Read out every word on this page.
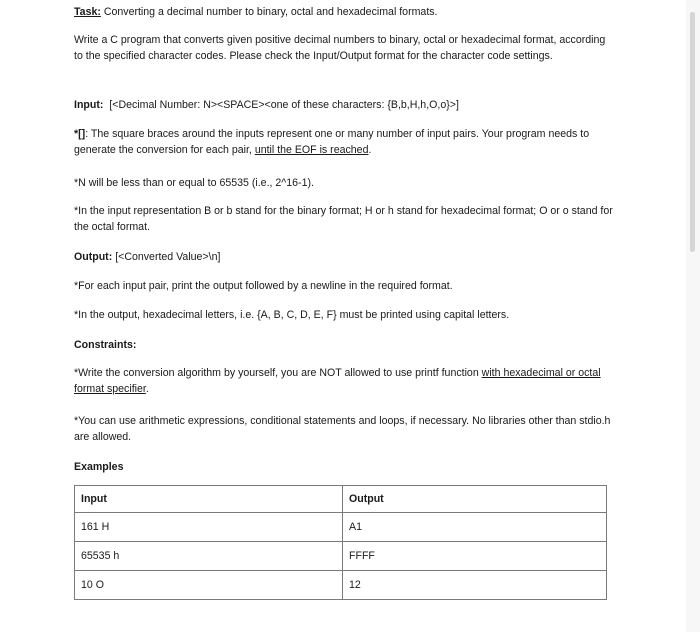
Task: Converting a decimal number to binary, octal and hexadecimal formats.

Write a C program that converts given positive decimal numbers to binary, octal or hexadecimal format, according to the specified character codes. Please check the Input/Output format for the character code settings.

Input: [<Decimal Number: N><SPACE><one of these characters: {B,b,H,h,O,o}>]

*[]: The square braces around the inputs represent one or many number of input pairs. Your program needs to generate the conversion for each pair, until the EOF is reached.

*N will be less than or equal to 65535 (i.e., 2^16-1).

*In the input representation B or b stand for the binary format; H or h stand for hexadecimal format; O or o stand for the octal format.

Output: [<Converted Value>\n]

*For each input pair, print the output followed by a newline in the required format.

*In the output, hexadecimal letters, i.e. {A, B, C, D, E, F} must be printed using capital letters.

Constraints:

*Write the conversion algorithm by yourself, you are NOT allowed to use printf function with hexadecimal or octal format specifier.

*You can use arithmetic expressions, conditional statements and loops, if necessary. No libraries other than stdio.h are allowed.

Examples

Input	Output
161 H	A1
65535 h	FFFF
10 O	12
